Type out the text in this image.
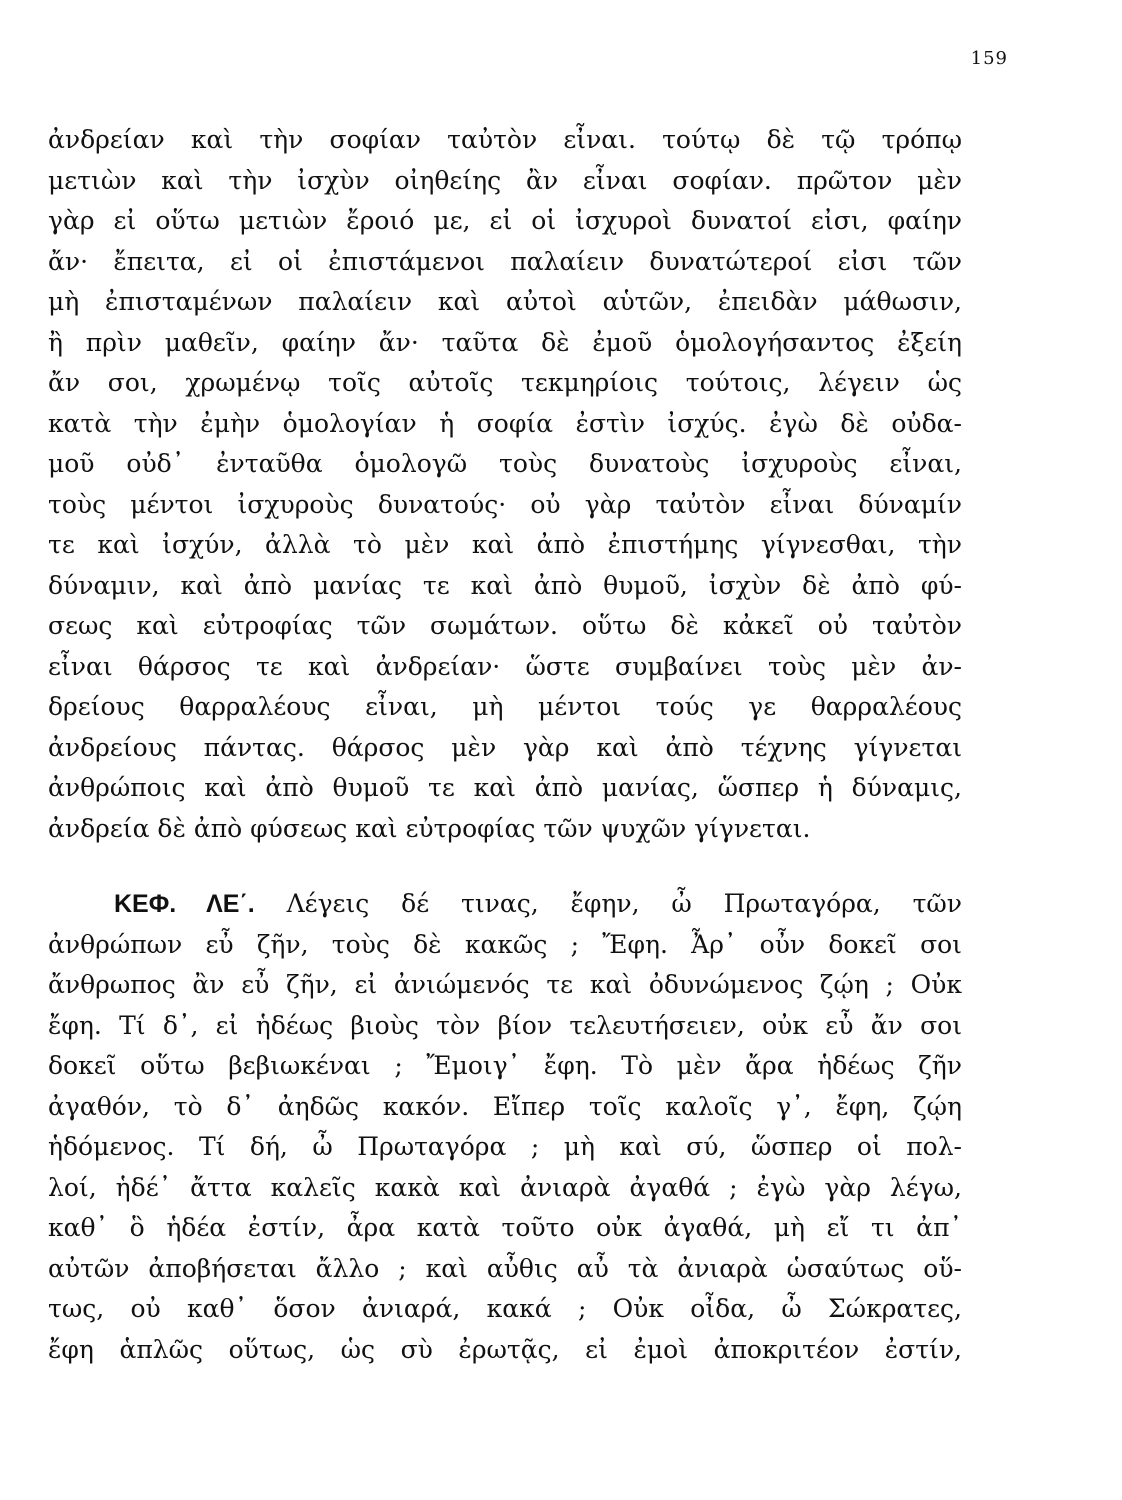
159
ἀνδρείαν καὶ τὴν σοφίαν ταὐτὸν εἶναι. τούτῳ δὲ τῷ τρόπῳ
μετιὼν καὶ τὴν ἰσχὺν οἰηθείης ἂν εἶναι σοφίαν. πρῶτον μὲν
γὰρ εἰ οὕτω μετιὼν ἔροιό με, εἰ οἱ ἰσχυροὶ δυνατοί εἰσι, φαίην
ἄν· ἔπειτα, εἰ οἱ ἐπιστάμενοι παλαίειν δυνατώτεροί εἰσι τῶν
μὴ ἐπισταμένων παλαίειν καὶ αὐτοὶ αὑτῶν, ἐπειδὰν μάθωσιν,
ἢ πρὶν μαθεῖν, φαίην ἄν· ταῦτα δὲ ἐμοῦ ὁμολογήσαντος ἐξείη
ἄν σοι, χρωμένῳ τοῖς αὐτοῖς τεκμηρίοις τούτοις, λέγειν ὡς
κατὰ τὴν ἐμὴν ὁμολογίαν ἡ σοφία ἐστὶν ἰσχύς. ἐγὼ δὲ οὐδα-
μοῦ οὐδ᾽ ἐνταῦθα ὁμολογῶ τοὺς δυνατοὺς ἰσχυροὺς εἶναι,
τοὺς μέντοι ἰσχυροὺς δυνατούς· οὐ γὰρ ταὐτὸν εἶναι δύναμίν
τε καὶ ἰσχύν, ἀλλὰ τὸ μὲν καὶ ἀπὸ ἐπιστήμης γίγνεσθαι, τὴν
δύναμιν, καὶ ἀπὸ μανίας τε καὶ ἀπὸ θυμοῦ, ἰσχὺν δὲ ἀπὸ φύ-
σεως καὶ εὐτροφίας τῶν σωμάτων. οὕτω δὲ κἀκεῖ οὐ ταὐτὸν
εἶναι θάρσος τε καὶ ἀνδρείαν· ὥστε συμβαίνει τοὺς μὲν ἀν-
δρείους θαρραλέους εἶναι, μὴ μέντοι τούς γε θαρραλέους
ἀνδρείους πάντας. θάρσος μὲν γὰρ καὶ ἀπὸ τέχνης γίγνεται
ἀνθρώποις καὶ ἀπὸ θυμοῦ τε καὶ ἀπὸ μανίας, ὥσπερ ἡ δύναμις,
ἀνδρεία δὲ ἀπὸ φύσεως καὶ εὐτροφίας τῶν ψυχῶν γίγνεται.
ΚΕΦ. ΛΕ΄. Λέγεις δέ τινας, ἔφην, ὦ Πρωταγόρα, τῶν
ἀνθρώπων εὖ ζῆν, τοὺς δὲ κακῶς ; Ἔφη. Ἆρ᾽ οὖν δοκεῖ σοι
ἄνθρωπος ἂν εὖ ζῆν, εἰ ἀνιώμενός τε καὶ ὀδυνώμενος ζῴη ; Οὐκ
ἔφη. Τί δ᾽, εἰ ἡδέως βιοὺς τὸν βίον τελευτήσειεν, οὐκ εὖ ἄν σοι
δοκεῖ οὕτω βεβιωκέναι ; Ἔμοιγ᾽ ἔφη. Τὸ μὲν ἄρα ἡδέως ζῆν
ἀγαθόν, τὸ δ᾽ ἀηδῶς κακόν. Εἴπερ τοῖς καλοῖς γ᾽, ἔφη, ζῴη
ἡδόμενος. Τί δή, ὦ Πρωταγόρα ; μὴ καὶ σύ, ὥσπερ οἱ πολ-
λοί, ἡδέ᾽ ἄττα καλεῖς κακὰ καὶ ἀνιαρὰ ἀγαθά ; ἐγὼ γὰρ λέγω,
καθ᾽ ὃ ἡδέα ἐστίν, ἆρα κατὰ τοῦτο οὐκ ἀγαθά, μὴ εἴ τι ἀπ᾽
αὐτῶν ἀποβήσεται ἄλλο ; καὶ αὖθις αὖ τὰ ἀνιαρὰ ὡσαύτως οὕ-
τως, οὐ καθ᾽ ὅσον ἀνιαρά, κακά ; Οὐκ οἶδα, ὦ Σώκρατες,
ἔφη ἁπλῶς οὕτως, ὡς σὺ ἐρωτᾷς, εἰ ἐμοὶ ἀποκριτέον ἐστίν,
